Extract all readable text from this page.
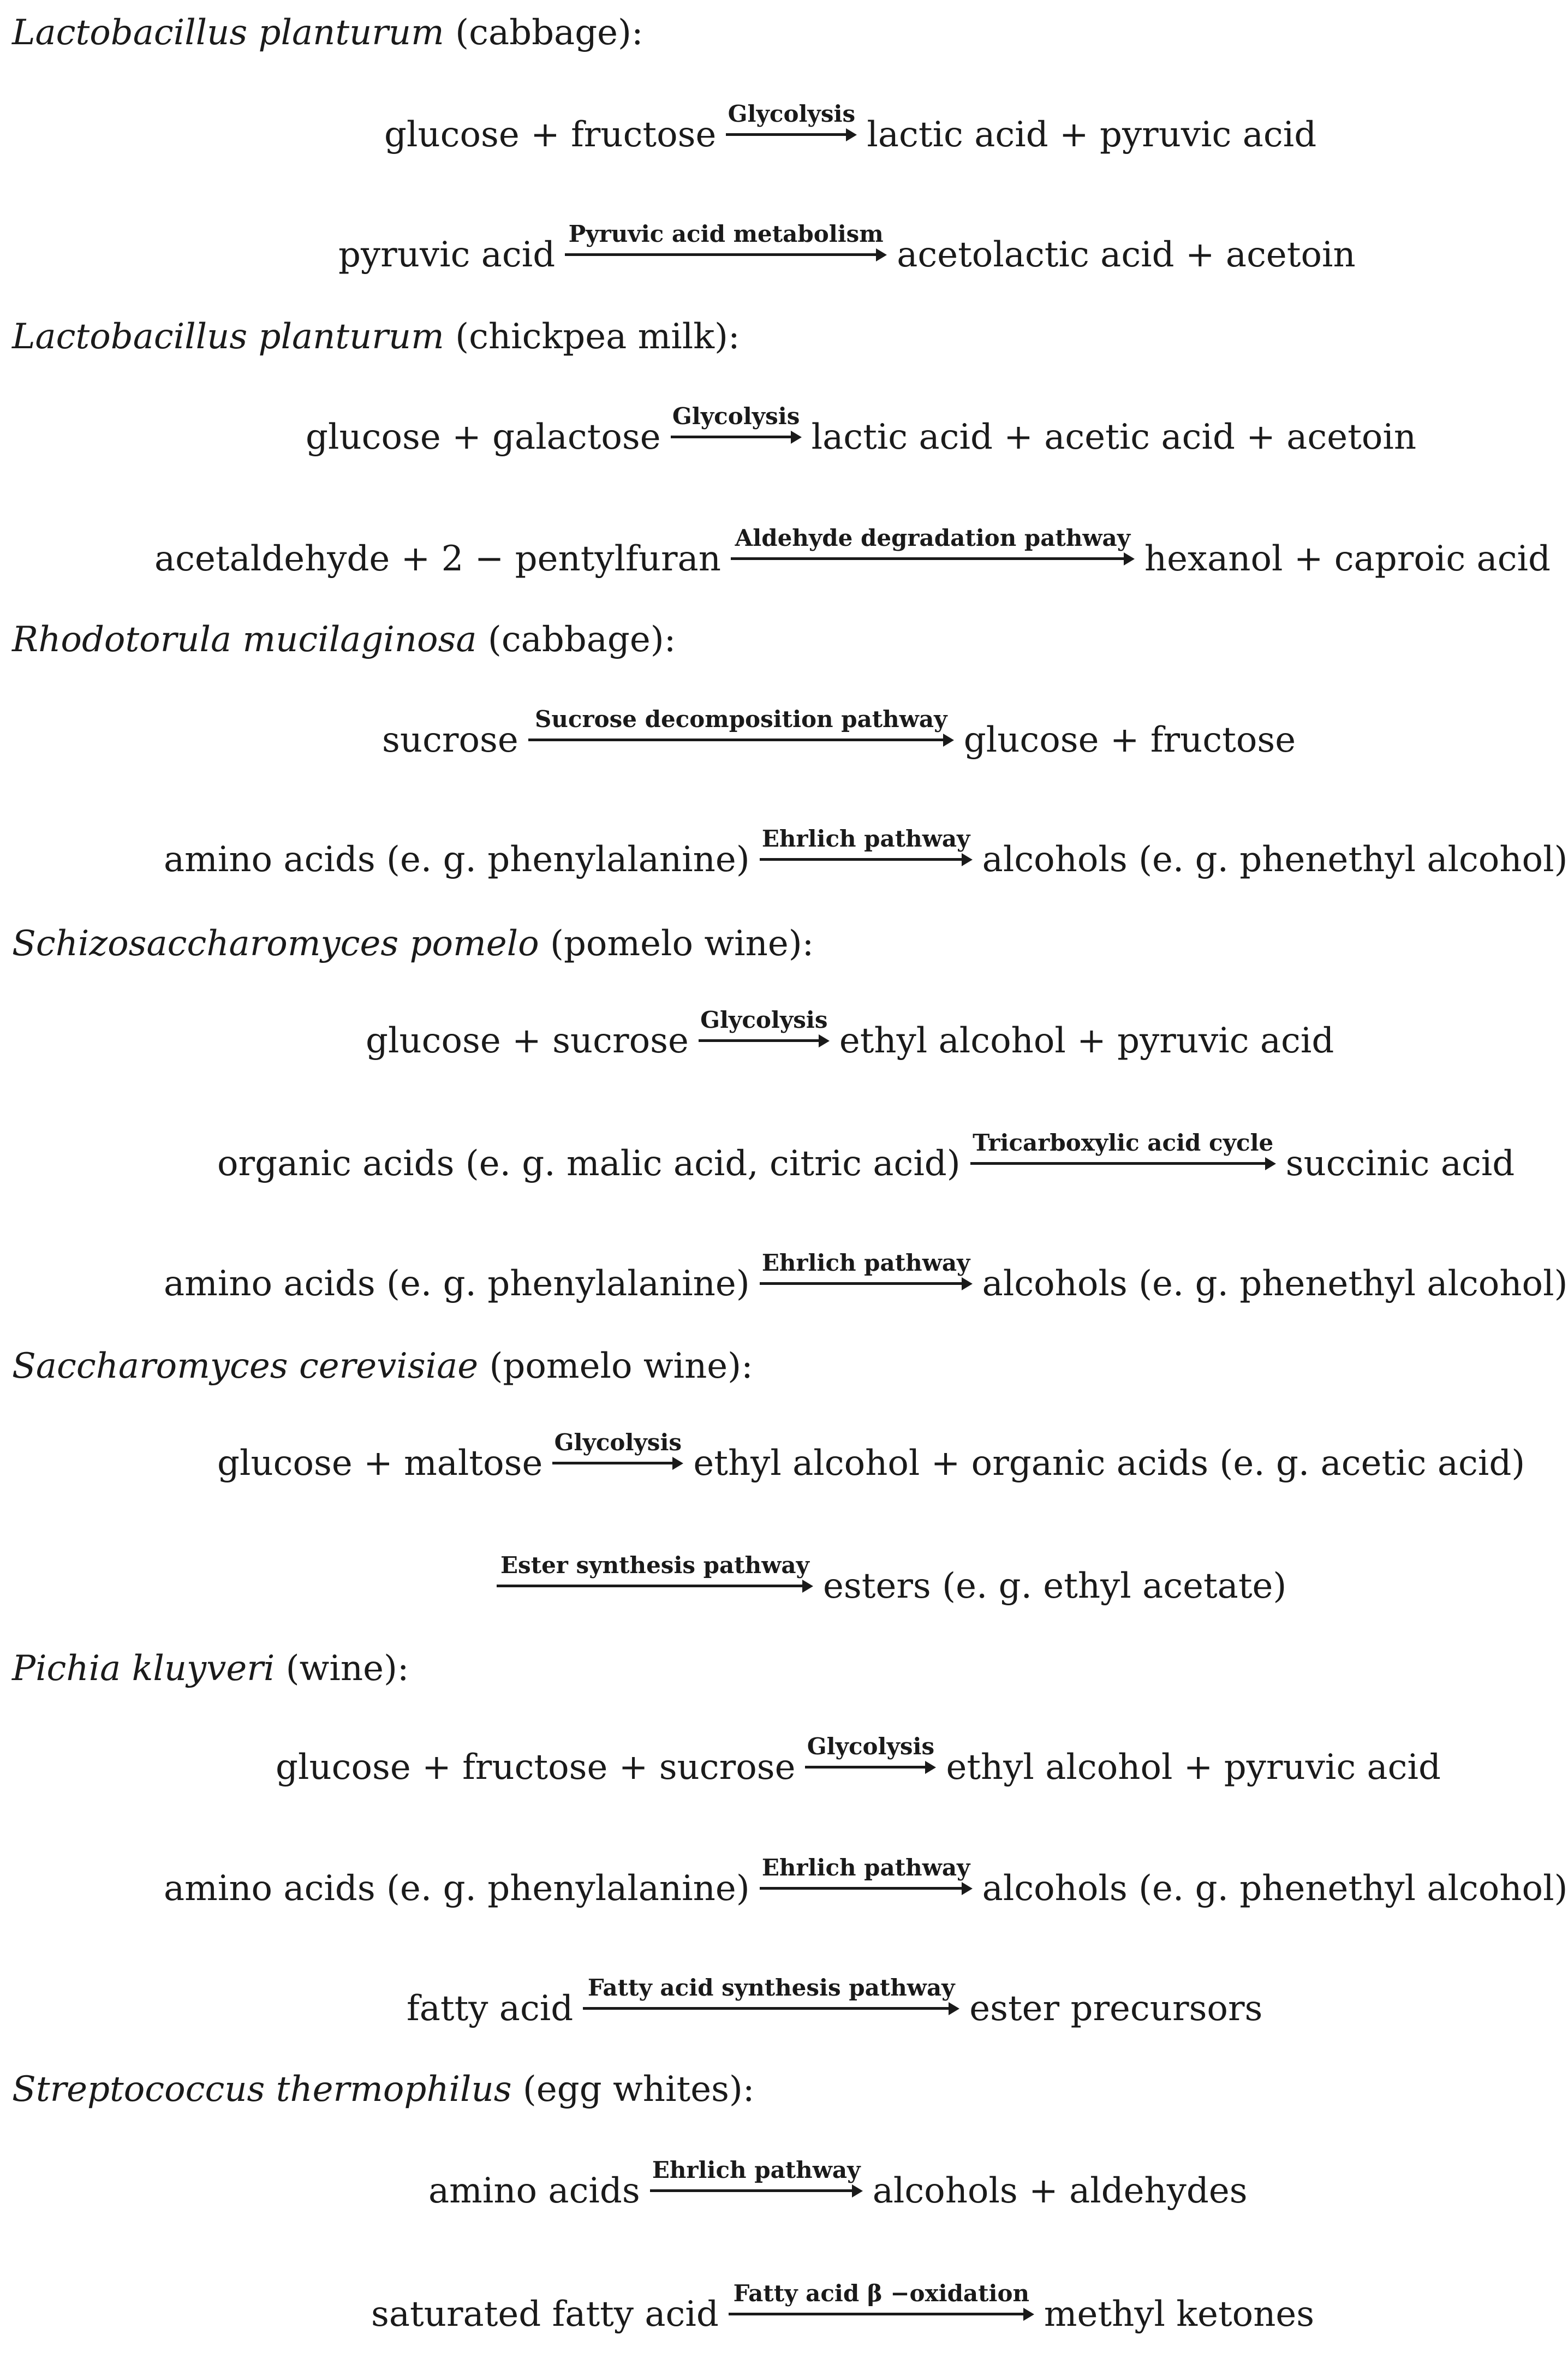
Lactobacillus planturum (cabbage):
glucose + fructose
Glycolysis
lactic acid + pyruvic acid
pyruvic acid
Pyruvic acid metabolism
acetolactic acid + acetoin
Lactobacillus planturum (chickpea milk):
glucose + galactose
Glycolysis
lactic acid + acetic acid + acetoin
acetaldehyde + 2 − pentylfuran
Aldehyde degradation pathway
hexanol + caproic acid
Rhodotorula mucilaginosa (cabbage):
sucrose
Sucrose decomposition pathway
glucose + fructose
amino acids (e. g. phenylalanine)
Ehrlich pathway
alcohols (e. g. phenethyl alcohol)
Schizosaccharomyces pomelo (pomelo wine):
glucose + sucrose
Glycolysis
ethyl alcohol + pyruvic acid
organic acids (e. g. malic acid, citric acid)
Tricarboxylic acid cycle
succinic acid
amino acids (e. g. phenylalanine)
Ehrlich pathway
alcohols (e. g. phenethyl alcohol)
Saccharomyces cerevisiae (pomelo wine):
glucose + maltose
Glycolysis
ethyl alcohol + organic acids (e. g. acetic acid)
Ester synthesis pathway
esters (e. g. ethyl acetate)
Pichia kluyveri (wine):
glucose + fructose + sucrose
Glycolysis
ethyl alcohol + pyruvic acid
amino acids (e. g. phenylalanine)
Ehrlich pathway
alcohols (e. g. phenethyl alcohol)
fatty acid
Fatty acid synthesis pathway
ester precursors
Streptococcus thermophilus (egg whites):
amino acids
Ehrlich pathway
alcohols + aldehydes
saturated fatty acid
Fatty acid β −oxidation
methyl ketones
